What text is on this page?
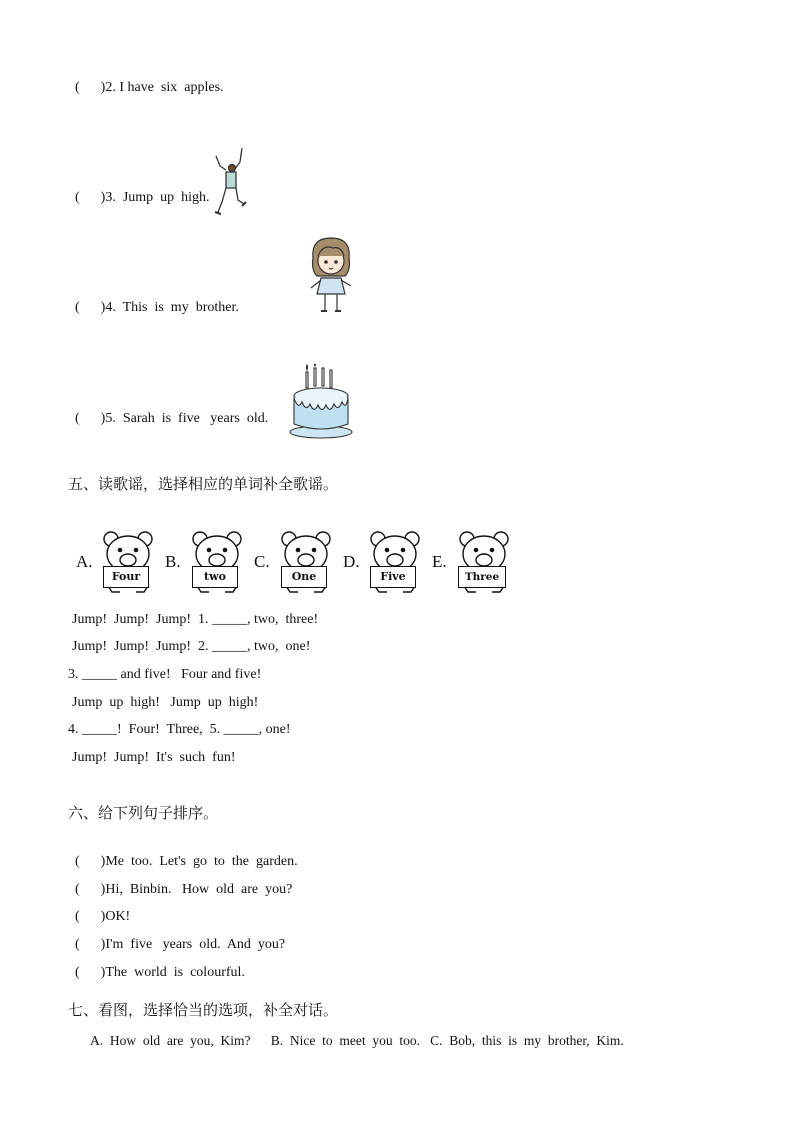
(      )2. I have  six  apples.

(      )3.  Jump  up  high.

(      )4.  This  is  my  brother.

(      )5.  Sarah  is  five   years  old.

五、读歌谣，选择相应的单词补全歌谣。
A.
Four
B.
two
C.
One
D.
Five
E.
Three
Jump!  Jump!  Jump!  1. _____, two,  three!
Jump!  Jump!  Jump!  2. _____, two,  one!
3. _____ and five!   Four and five!
Jump  up  high!   Jump  up  high!
4. _____!  Four!  Three,  5. _____, one!
Jump!  Jump!  It's  such  fun!
六、给下列句子排序。

(      )Me  too.  Let's  go  to  the  garden.

(      )Hi,  Binbin.   How  old  are  you?

(      )OK!

(      )I'm  five   years  old.  And  you?

(      )The  world  is  colourful.

七、看图，选择恰当的选项，补全对话。
A.  How  old  are  you,  Kim?      B.  Nice  to  meet  you  too.   C.  Bob,  this  is  my  brother,  Kim.
